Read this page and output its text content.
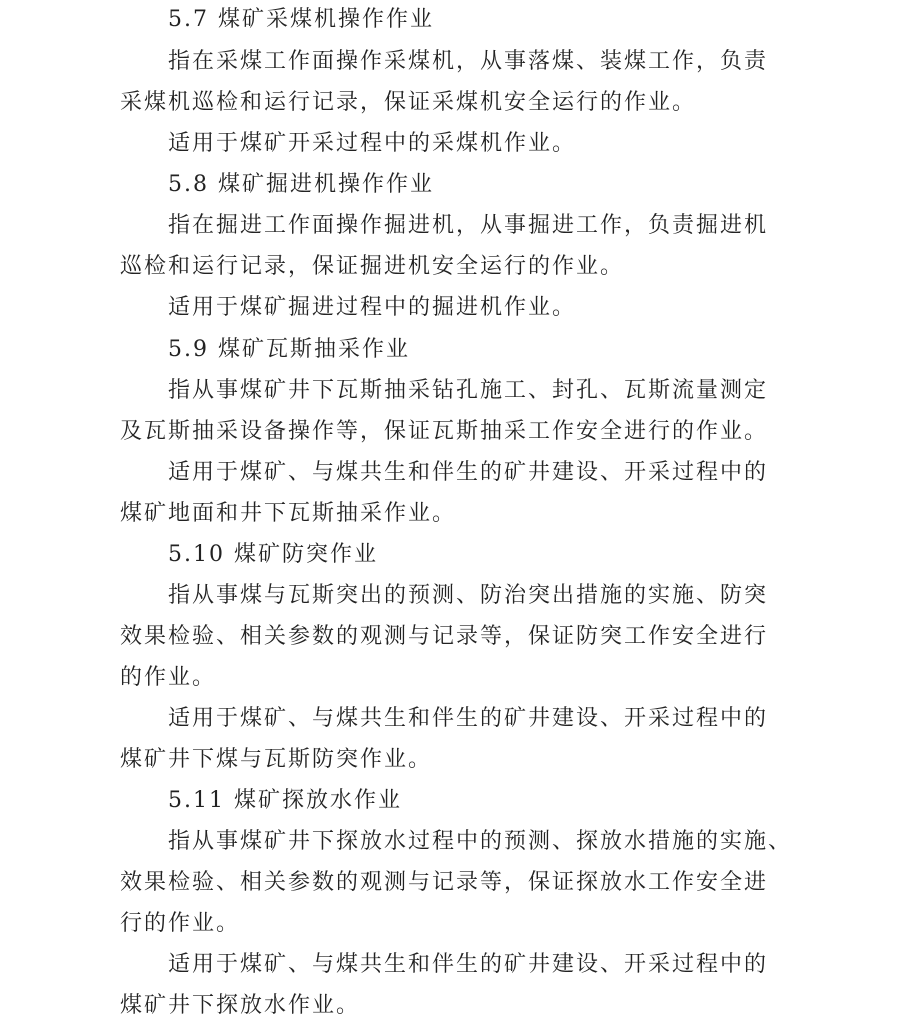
5.7 煤矿采煤机操作作业
指在采煤工作面操作采煤机，从事落煤、装煤工作，负责
采煤机巡检和运行记录，保证采煤机安全运行的作业。
适用于煤矿开采过程中的采煤机作业。
5.8 煤矿掘进机操作作业
指在掘进工作面操作掘进机，从事掘进工作，负责掘进机
巡检和运行记录，保证掘进机安全运行的作业。
适用于煤矿掘进过程中的掘进机作业。
5.9 煤矿瓦斯抽采作业
指从事煤矿井下瓦斯抽采钻孔施工、封孔、瓦斯流量测定
及瓦斯抽采设备操作等，保证瓦斯抽采工作安全进行的作业。
适用于煤矿、与煤共生和伴生的矿井建设、开采过程中的
煤矿地面和井下瓦斯抽采作业。
5.10 煤矿防突作业
指从事煤与瓦斯突出的预测、防治突出措施的实施、防突
效果检验、相关参数的观测与记录等，保证防突工作安全进行
的作业。
适用于煤矿、与煤共生和伴生的矿井建设、开采过程中的
煤矿井下煤与瓦斯防突作业。
5.11 煤矿探放水作业
指从事煤矿井下探放水过程中的预测、探放水措施的实施、
效果检验、相关参数的观测与记录等，保证探放水工作安全进
行的作业。
适用于煤矿、与煤共生和伴生的矿井建设、开采过程中的
煤矿井下探放水作业。
